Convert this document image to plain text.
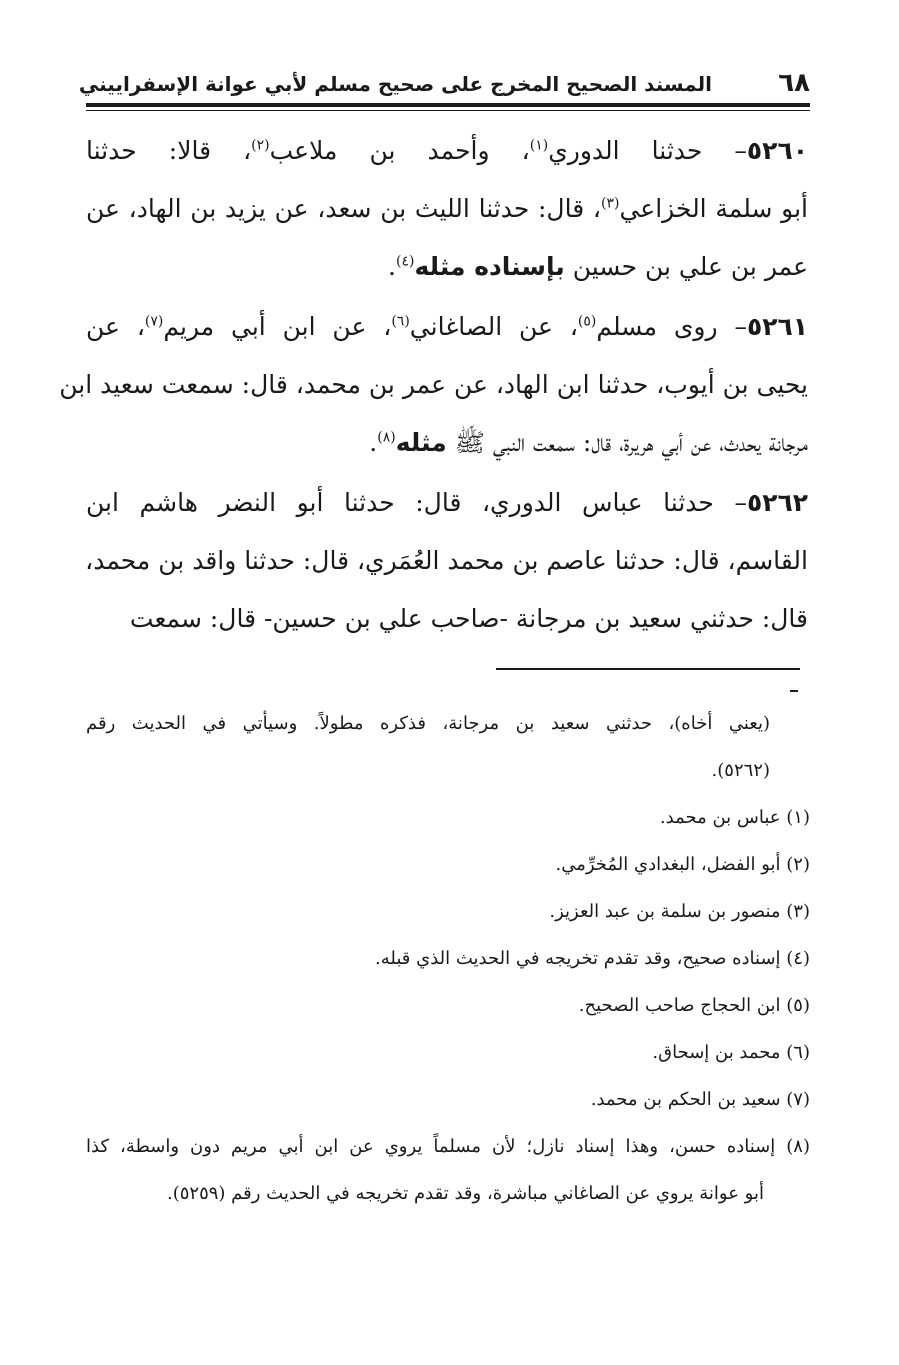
٦٨
المسند الصحيح المخرج على صحيح مسلم لأبي عوانة الإسفراييني
٥٢٦٠– حدثنا الدوري$^{(١)}$، وأحمد بن ملاعب$^{(٢)}$، قالا: حدثنا
أبو سلمة الخزاعي$^{(٣)}$، قال: حدثنا الليث بن سعد، عن يزيد بن الهاد، عن
عمر بن علي بن حسين بإسناده مثله$^{(٤)}$.
٥٢٦١– روى مسلم$^{(٥)}$، عن الصاغاني$^{(٦)}$، عن ابن أبي مريم$^{(٧)}$، عن
يحيى بن أيوب، حدثنا ابن الهاد، عن عمر بن محمد، قال: سمعت سعيد ابن
مرجانة يحدث، عن أبي هريرة، قال: سمعت النبي ﷺ مثله$^{(٨)}$.
٥٢٦٢– حدثنا عباس الدوري، قال: حدثنا أبو النضر هاشم ابن
القاسم، قال: حدثنا عاصم بن محمد العُمَري، قال: حدثنا واقد بن محمد،
قال: حدثني سعيد بن مرجانة -صاحب علي بن حسين- قال: سمعت
(يعني أخاه)، حدثني سعيد بن مرجانة، فذكره مطولاً. وسيأتي في الحديث رقم
(٥٢٦٢).
(١) عباس بن محمد.
(٢) أبو الفضل، البغدادي المُخرِّمي.
(٣) منصور بن سلمة بن عبد العزيز.
(٤) إسناده صحيح، وقد تقدم تخريجه في الحديث الذي قبله.
(٥) ابن الحجاج صاحب الصحيح.
(٦) محمد بن إسحاق.
(٧) سعيد بن الحكم بن محمد.
(٨) إسناده حسن، وهذا إسناد نازل؛ لأن مسلماً يروي عن ابن أبي مريم دون واسطة، كذا
أبو عوانة يروي عن الصاغاني مباشرة، وقد تقدم تخريجه في الحديث رقم (٥٢٥٩).
